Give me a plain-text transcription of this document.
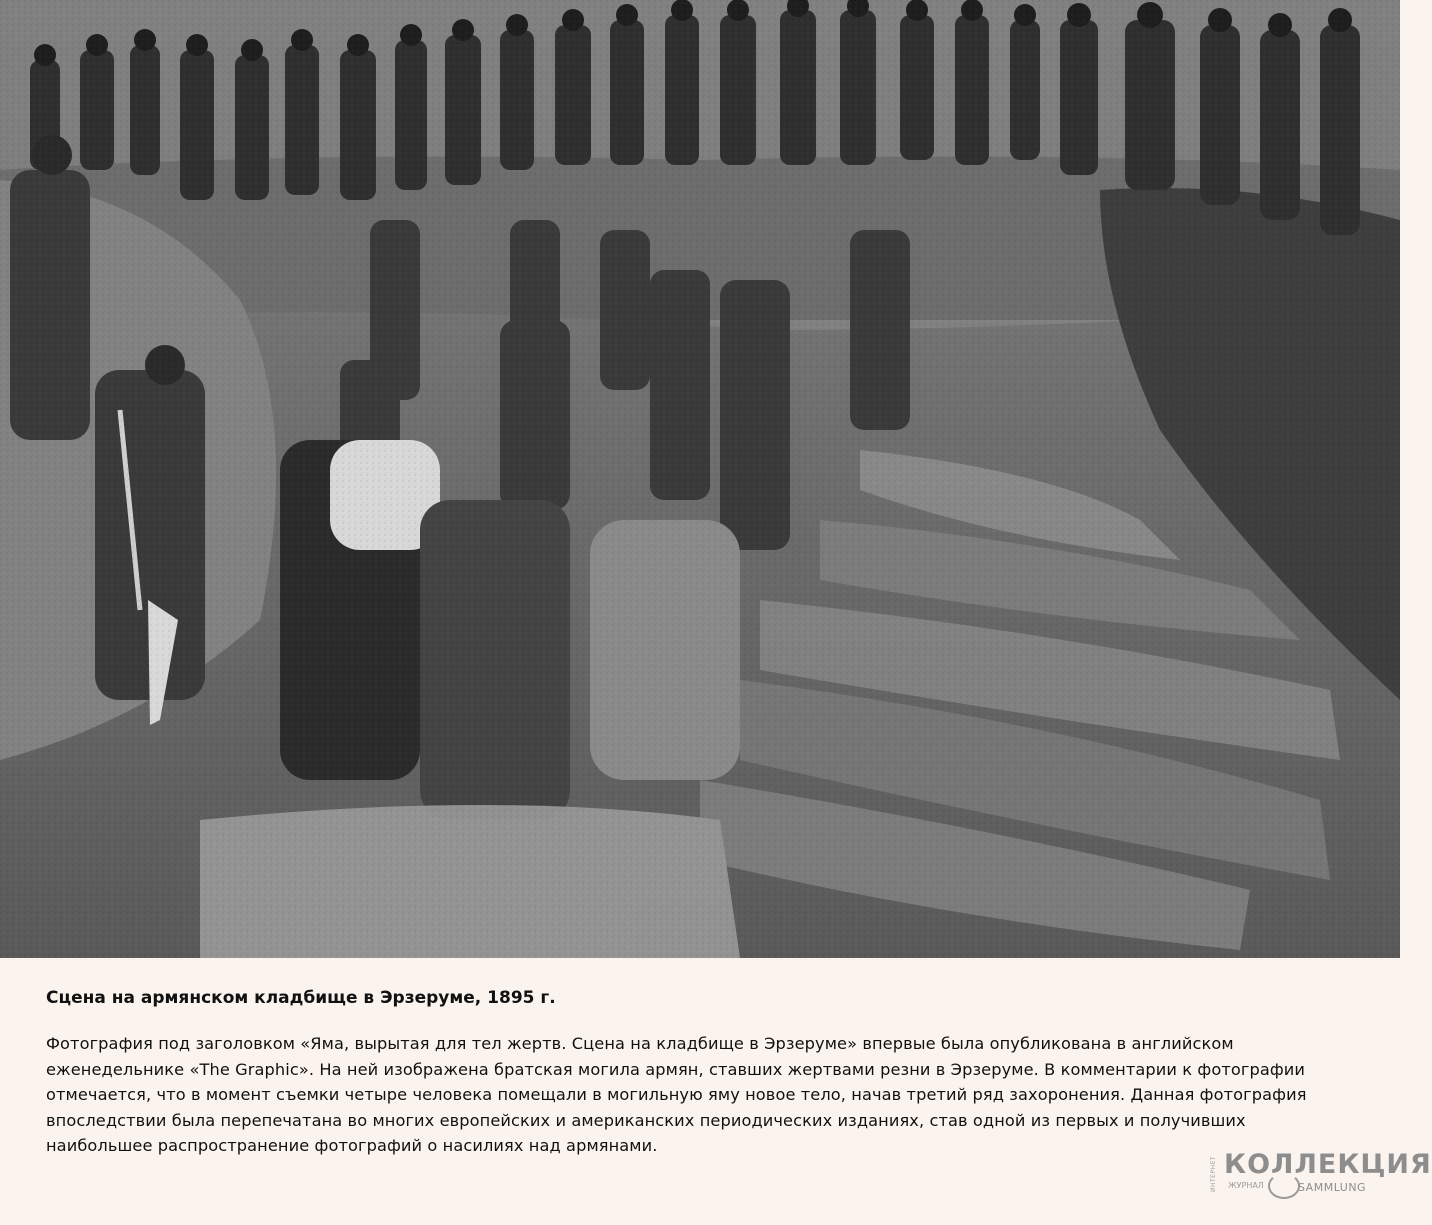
Сцена на армянском кладбище в Эрзеруме, 1895 г.

Фотография под заголовком «Яма, вырытая для тел жертв. Сцена на кладбище в Эрзеруме» впервые была опубликована в английском еженедельнике «The Graphic». На ней изображена братская могила армян, ставших жертвами резни в Эрзеруме. В комментарии к фотографии отмечается, что в момент съемки четыре человека помещали в могильную яму новое тело, начав третий ряд захоронения. Данная фотография впоследствии была перепечатана во многих европейских и американских периодических изданиях, став одной из первых и получивших наибольшее распространение фотографий о насилиях над армянами.

ИНТЕРНЕТ КОЛЛЕКЦИЯ
ЖУРНАЛ	SAMMLUNG
